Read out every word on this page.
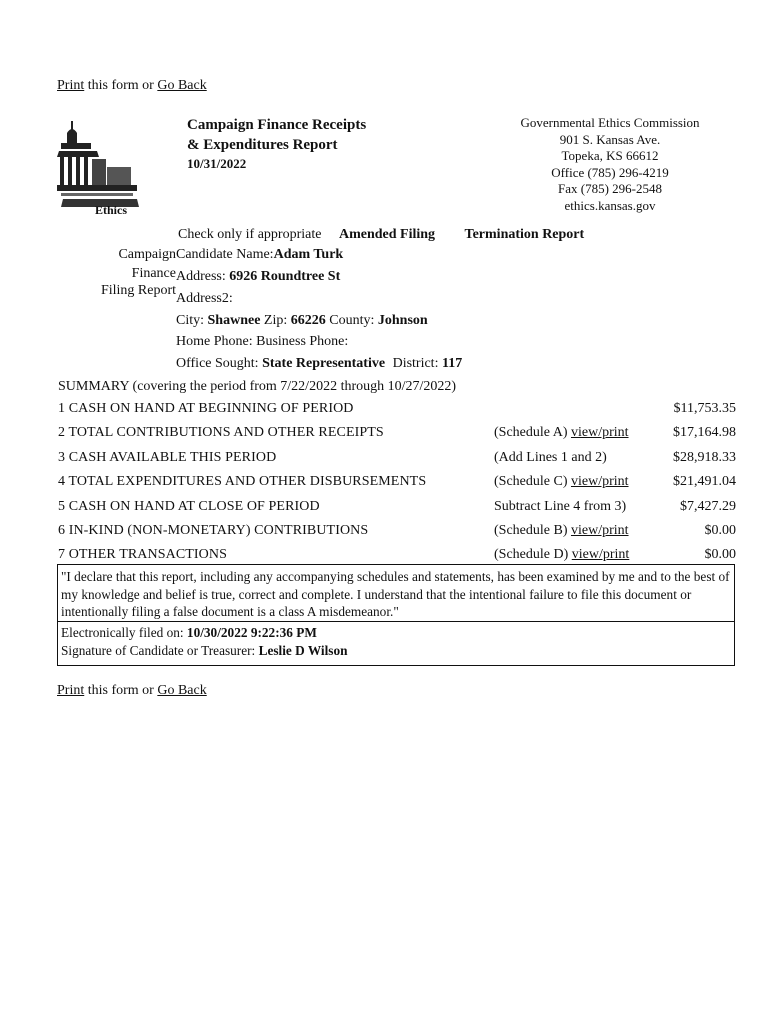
Print this form or Go Back
Ethics
Campaign Finance Receipts
& Expenditures Report
10/31/2022
Governmental Ethics Commission
901 S. Kansas Ave.
Topeka, KS 66612
Office (785) 296-4219
Fax (785) 296-2548
ethics.kansas.gov
Check only if appropriate Amended Filing Termination Report
Campaign
Finance
Filing Report
Candidate Name:Adam Turk
Address: 6926 Roundtree St
Address2:
City: Shawnee Zip: 66226 County: Johnson
Home Phone: Business Phone:
Office Sought: State Representative District: 117
SUMMARY (covering the period from 7/22/2022 through 10/27/2022)
1 CASH ON HAND AT BEGINNING OF PERIOD	$11,753.35
2 TOTAL CONTRIBUTIONS AND OTHER RECEIPTS	(Schedule A) view/print	$17,164.98
3 CASH AVAILABLE THIS PERIOD	(Add Lines 1 and 2)	$28,918.33
4 TOTAL EXPENDITURES AND OTHER DISBURSEMENTS	(Schedule C) view/print	$21,491.04
5 CASH ON HAND AT CLOSE OF PERIOD	Subtract Line 4 from 3)	$7,427.29
6 IN-KIND (NON-MONETARY) CONTRIBUTIONS	(Schedule B) view/print	$0.00
7 OTHER TRANSACTIONS	(Schedule D) view/print	$0.00
"I declare that this report, including any accompanying schedules and statements, has been examined by me and to the best of my knowledge and belief is true, correct and complete. I understand that the intentional failure to file this document or intentionally filing a false document is a class A misdemeanor."
Electronically filed on: 10/30/2022 9:22:36 PM
Signature of Candidate or Treasurer: Leslie D Wilson
Print this form or Go Back
